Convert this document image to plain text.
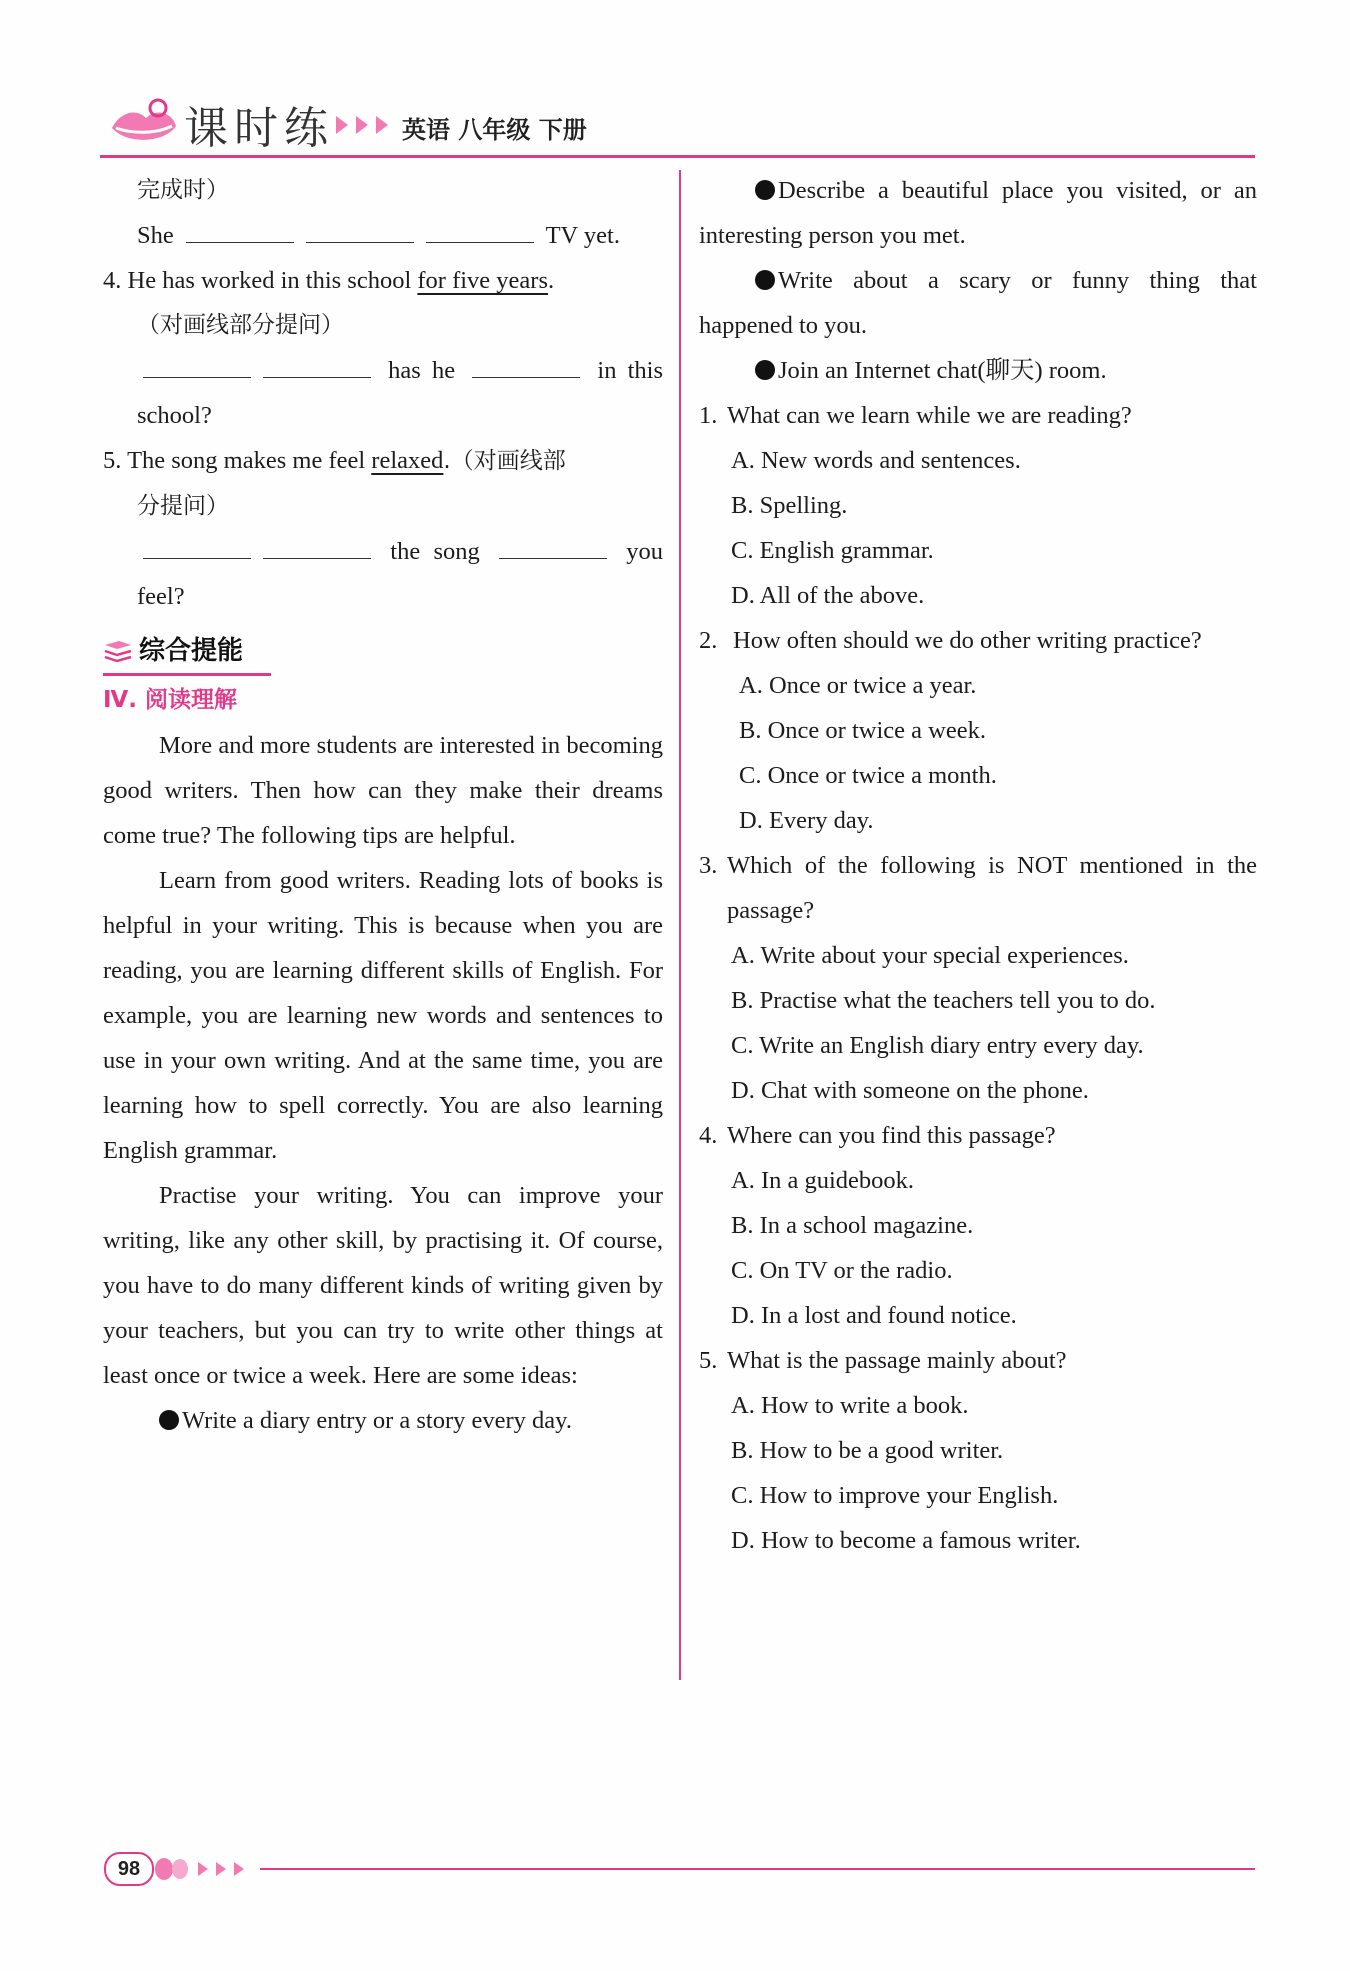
课时练	英语 八年级 下册
完成时）
She	TV yet.
4. He has worked in this school for five years.
（对画线部分提问）
has he	in this
school?
5. The song makes me feel relaxed.（对画线部
分提问）
the song	you
feel?
综合提能
Ⅳ. 阅读理解
More and more students are interested in becoming good writers. Then how can they make their dreams come true? The following tips are helpful.
Learn from good writers. Reading lots of books is helpful in your writing. This is because when you are reading, you are learning different skills of English. For example, you are learning new words and sentences to use in your own writing. And at the same time, you are learning how to spell correctly. You are also learning English grammar.
Practise your writing. You can improve your writing, like any other skill, by practising it. Of course, you have to do many different kinds of writing given by your teachers, but you can try to write other things at least once or twice a week. Here are some ideas:
Write a diary entry or a story every day.
Describe a beautiful place you visited, or an interesting person you met.
Write about a scary or funny thing that happened to you.
Join an Internet chat(聊天) room.
1. What can we learn while we are reading?
A. New words and sentences.
B. Spelling.
C. English grammar.
D. All of the above.
2. How often should we do other writing practice?
A. Once or twice a year.
B. Once or twice a week.
C. Once or twice a month.
D. Every day.
3. Which of the following is NOT mentioned in the passage?
A. Write about your special experiences.
B. Practise what the teachers tell you to do.
C. Write an English diary entry every day.
D. Chat with someone on the phone.
4. Where can you find this passage?
A. In a guidebook.
B. In a school magazine.
C. On TV or the radio.
D. In a lost and found notice.
5. What is the passage mainly about?
A. How to write a book.
B. How to be a good writer.
C. How to improve your English.
D. How to become a famous writer.
98
